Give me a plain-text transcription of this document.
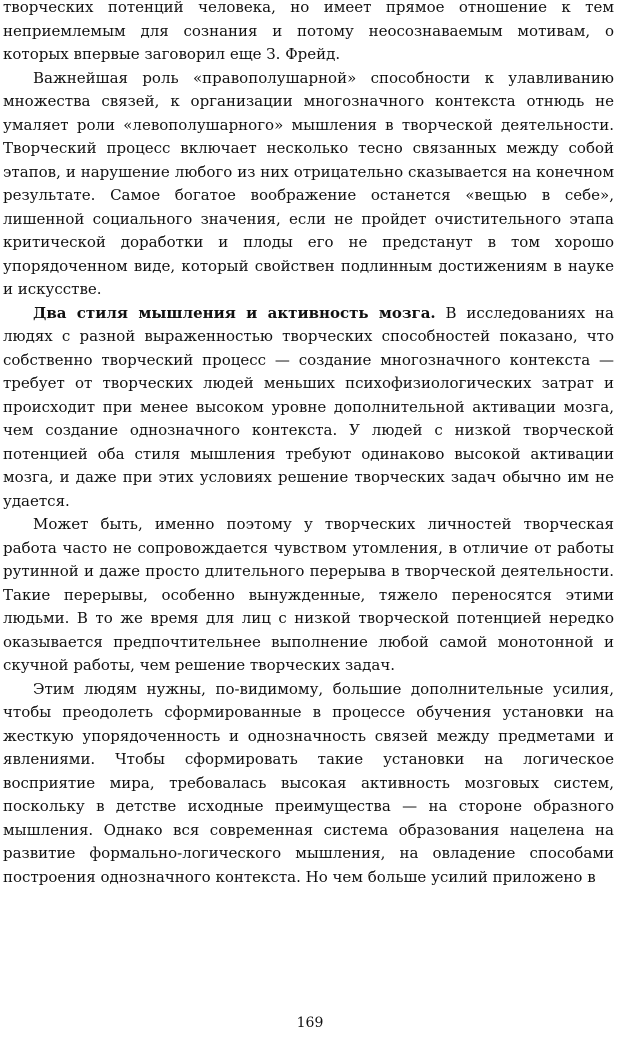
творческих потенций человека, но имеет прямое отношение к тем неприемлемым для сознания и потому неосознаваемым мотивам, о которых впервые заговорил еще З. Фрейд.

Важнейшая роль «правополушарной» способности к улавливанию множества связей, к организации многозначного контекста отнюдь не умаляет роли «левополушарного» мышления в творческой деятельности. Творческий процесс включает несколько тесно связанных между собой этапов, и нарушение любого из них отрицательно сказывается на конечном результате. Самое богатое воображение останется «вещью в себе», лишенной социального значения, если не пройдет очистительного этапа критической доработки и плоды его не предстанут в том хорошо упорядоченном виде, который свойствен подлинным достижениям в науке и искусстве.

Два стиля мышления и активность мозга. В исследованиях на людях с разной выраженностью творческих способностей показано, что собственно творческий процесс — создание многозначного контекста — требует от творческих людей меньших психофизиологических затрат и происходит при менее высоком уровне дополнительной активации мозга, чем создание однозначного контекста. У людей с низкой творческой потенцией оба стиля мышления требуют одинаково высокой активации мозга, и даже при этих условиях решение творческих задач обычно им не удается.

Может быть, именно поэтому у творческих личностей творческая работа часто не сопровождается чувством утомления, в отличие от работы рутинной и даже просто длительного перерыва в творческой деятельности. Такие перерывы, особенно вынужденные, тяжело переносятся этими людьми. В то же время для лиц с низкой творческой потенцией нередко оказывается предпочтительнее выполнение любой самой монотонной и скучной работы, чем решение творческих задач.

Этим людям нужны, по-видимому, большие дополнительные усилия, чтобы преодолеть сформированные в процессе обучения установки на жесткую упорядоченность и однозначность связей между предметами и явлениями. Чтобы сформировать такие установки на логическое восприятие мира, требовалась высокая активность мозговых систем, поскольку в детстве исходные преимущества — на стороне образного мышления. Однако вся современная система образования нацелена на развитие формально-логического мышления, на овладение способами построения однозначного контекста. Но чем больше усилий приложено в

169
